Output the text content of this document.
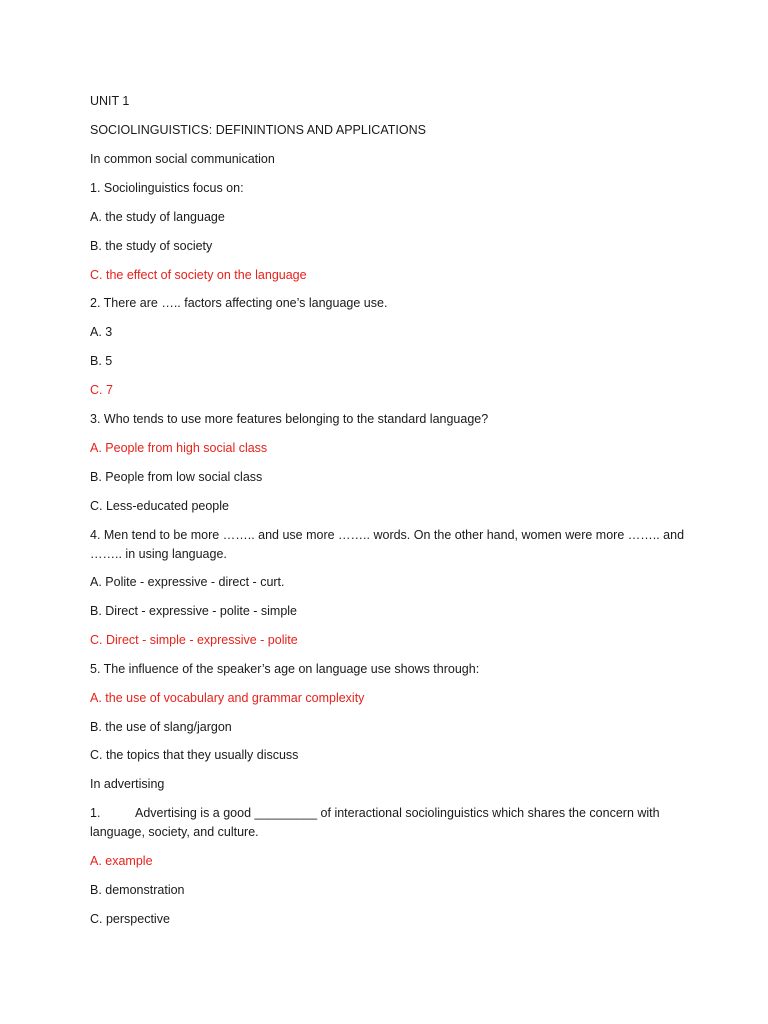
UNIT 1
SOCIOLINGUISTICS: DEFININTIONS AND APPLICATIONS
In common social communication
1. Sociolinguistics focus on:
A. the study of language
B. the study of society
C. the effect of society on the language
2. There are ….. factors affecting one’s language use.
A. 3
B. 5
C. 7
3. Who tends to use more features belonging to the standard language?
A. People from high social class
B. People from low social class
C. Less-educated people
4. Men tend to be more …….. and use more …….. words. On the other hand, women were more …….. and
…….. in using language.
A. Polite - expressive - direct - curt.
B. Direct - expressive - polite - simple
C. Direct - simple - expressive - polite
5. The influence of the speaker’s age on language use shows through:
A. the use of vocabulary and grammar complexity
B. the use of slang/jargon
C. the topics that they usually discuss
In advertising
1.	Advertising is a good _________ of interactional sociolinguistics which shares the concern with
language, society, and culture.
A. example
B. demonstration
C. perspective
